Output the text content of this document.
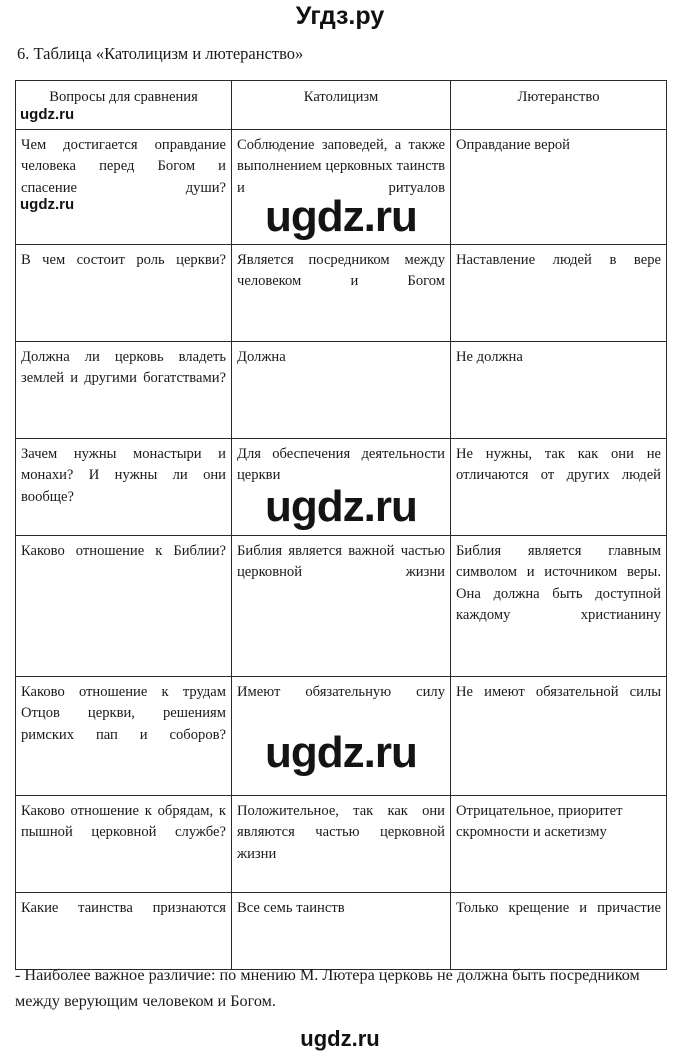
Угдз.ру
6. Таблица «Католицизм и лютеранство»
Вопросы для сравнения	Католицизм	Лютеранство
Чем достигается оправдание человека перед Богом и спасение души?	Соблюдение заповедей, а также выполнением церковных таинств и ритуалов	Оправдание верой
В чем состоит роль церкви?	Является посредником между человеком и Богом	Наставление людей в вере
Должна ли церковь владеть землей и другими богатствами?	Должна	Не должна
Зачем нужны монастыри и монахи? И нужны ли они вообще?	Для обеспечения деятельности церкви	Не нужны, так как они не отличаются от других людей
Каково отношение к Библии?	Библия является важной частью церковной жизни	Библия является главным символом и источником веры. Она должна быть доступной каждому христианину
Каково отношение к трудам Отцов церкви, решениям римских пап и соборов?	Имеют обязательную силу	Не имеют обязательной силы
Каково отношение к обрядам, к пышной церковной службе?	Положительное, так как они являются частью церковной жизни	Отрицательное, приоритет скромности и аскетизму
Какие таинства признаются	Все семь таинств	Только крещение и причастие
- Наиболее важное различие: по мнению М. Лютера церковь не должна быть посредником между верующим человеком и Богом.
ugdz.ru
ugdz.ru
ugdz.ru	ugdz.ru
ugdz.ru
ugdz.ru
